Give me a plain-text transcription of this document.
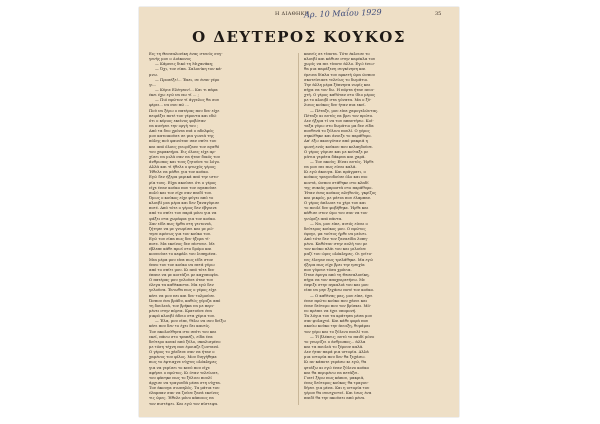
Η ΔΙΑΘΗΚΗ
Αρ. 10 Μαΐου 1929	35
Ο ΔΕΥΤΕΡΟΣ ΚΟΥΚΟΣ
Εις τη Θεσσαλονίκη ένας στενός συγ-
γενής μου ο Διάκονος
— Κάμνεις δικό τη Μιχανάκη;
— Όχι, τον είπα. Σαλονίκη τον κά-
μνω.
— Προσέξε!... Έκει, σε έναν γέρο
γι...
— Κύριε Ελέησον!... Και τι πάρα
έκει έχω εγώ να πω τί ... ;
— Πιό πρώτον τί άγγελος θα σου
φέρει... να σου πώ ...
Πού να ξέρω ο πατέρας που δεν είχε
πειράξει ποτέ τον γέροντα και εδώ
ότι ο κύριος εκείνος φοβόταν
να κινήσει την οργή του ;
Από τα δυο χρόνια πιά ο αδελφός
μου κατοικούσε σε μια γωνιά της
πόλης πού φαινόταν σαν σπίτι του
και από όλους γνωρίζανε τον αγαθό
του χαρακτήρα. Εις όλους είχε αρ-
χίσει να μιλά σαν να ήταν δικός του
άνθρωπος και τους ζητούσε το λόγο.
Αλλά και τί ήθελε ο φτωχός γέρος;
Ήθελε να μάθει για τον κούκο.
Εγώ δεν ήξερα μερικά από την ιστο-
ρία τους. Είχα ακούσει ότι ο γέρος
είχε έναν κούκο που τον αγαπούσε
πολύ και τον είχε σαν παιδί του.
Όμως ο κούκος είχε φύγει από το
κλουβί μια μέρα και δεν ξαναγύρισε
ποτέ. Από τότε ο γέρος δεν έβγαινε
από το σπίτι του παρά μόνο για να
ψάξει στα χωράφια για τον κούκο.
Σαν είδε πως ήρθα στη γειτονιά,
ζήτησε να με γνωρίσει και με ρώ-
τησε αμέσως για τον κούκο του.
Εγώ του είπα πως δεν ήξερα τί-
ποτε. Μα εκείνος δεν πίστευε. Με
έβλεπε κάθε πρωί στο δρόμο και
κουνούσε το κεφάλι του λυπημένα.
Μια μέρα μου είπε πως είδε στον
ύπνο του τον κούκο να πετά γύρω
από το σπίτι μου. Κι από τότε δεν
έπαυε να με κοιτάζει με καχυποψία.
Ο πατέρας μου γελούσε όταν του
έλεγα τα καθέκαστα. Μα εγώ δεν
γελούσα. Ένιωθα πως ο γέρος είχε
κάτι να μου πει και δεν τολμούσε.
Ώσπου ένα βράδυ, καθώς γύριζα από
τη δουλειά, τον βρήκα να με περι-
μένει στην πόρτα. Κρατούσε ένα
μικρό κλουβί άδειο στα χέρια του.
— Έλα, μου είπε, θέλω να σου δείξω
κάτι που δεν το έχει δει κανείς.
Τον ακολούθησα στο σπίτι του και
εκεί, πάνω στο τραπέζι, είδα ένα
δεύτερο κουκί από ξύλο, σκαλισμένο
με τόση τέχνη που έμοιαζε ζωντανό.
Ο γέρος το χάιδευε σαν να ήταν ο
χαμένος του φίλος. Μου διηγήθηκε
πως το έφτιαχνε νύχτες ολόκληρες
για να γεμίσει το κενό που είχε
αφήσει ο πρώτος. Κι όταν τελείωσε,
του φάνηκε πως το ξύλινο πουλί
άρχισε να τραγουδά μέσα στη νύχτα.
Τον άκουγα σιωπηλός. Τα μάτια του
έλαμπαν σαν να ζούσε ξανά εκείνες
τις ώρες. Ήθελε μόνο κάποιος να
τον πιστέψει. Και εγώ τον πίστεψα.
κανείς σε τίποτα. Τότε έκλεισε το
κλουβί και κάθισε στην καρέκλα του
χωρίς να πει τίποτε άλλο. Εγώ ένιω-
θα μια παράξενη συγκίνηση και
έμεινα δίπλα του αρκετή ώρα ώσπου
σκοτείνιασε τελείως το δωμάτιο.
Την άλλη μέρα ξύπνησα νωρίς και
πήγα να τον δω. Η πόρτα ήταν ανοι-
χτή. Ο γέρος καθόταν στο ίδιο μέρος
με το κλουβί στα γόνατα. Μα ο ξύ-
λινος κούκος δεν ήταν πια εκεί.
— Πέταξε, μου είπε χαμογελώντας.
Πέταξε κι αυτός να βρει τον πρώτο.
Δεν ήξερα τί να του απαντήσω. Κοί-
ταξα γύρω στο δωμάτιο μα δεν είδα
πουθενά το ξύλινο πουλί. Ο γέρος
σηκώθηκε και άνοιξε το παράθυρο.
Απ' έξω ακουγόταν από μακριά η
φωνή ενός κούκου που κελαηδούσε.
Ο γέρος γύρισε και με κοίταξε με
μάτια γεμάτα δάκρυα και χαρά.
— Τον ακούς; Είναι αυτός. Ήρθε
να μου πει πως είναι καλά.
Κι εγώ άκουγα. Και πράγματι, ο
κούκος τραγουδούσε όλο και πιο
κοντά, ώσπου στάθηκε στο κλαδί
της συκιάς μπροστά στο παράθυρο.
Ήταν ένας κούκος αληθινός, γκρίζος
και μικρός, με μάτια που έλαμπαν.
Ο γέρος άπλωσε το χέρι του και
το πουλί δεν φοβήθηκε. Ήρθε και
κάθισε στον ώμο του σαν να τον
γνώριζε από πάντα.
— Να, μου είπε, αυτός είναι ο
δεύτερος κούκος μου. Ο πρώτος
έφυγε, μα τούτος ήρθε να μείνει.
Από τότε δεν τον ξαναείδα λυπη-
μένο. Καθόταν στην αυλή του με
τον κούκο πλάι του και μιλούσε
μαζί του ώρες ολόκληρες. Οι γείτο-
νες έλεγαν πως τρελάθηκε. Μα εγώ
ήξερα πως είχε βρει την ησυχία
που γύρευε τόσα χρόνια.
Όταν έφυγα από τη Θεσσαλονίκη,
πήγα να τον αποχαιρετήσω. Με
έσφιξε στην αγκαλιά του και μου
είπε να μην ξεχάσω ποτέ τον κούκο.
— Ο καθένας μας, μου είπε, έχει
έναν πρώτο κούκο που χάνει και
έναν δεύτερο που τον βρίσκει. Μό-
νο πρέπει να έχει υπομονή.
Τα λόγια του τα κράτησα μέσα μου
σαν φυλαχτό. Και κάθε φορά που
ακούω κούκο την άνοιξη, θυμάμαι
τον γέρο και το ξύλινο πουλί του.
— Τί βλέπεις; αυτό το παιδί μόνο
το γνωρίζει ο άνθρωπος... άλλα
και τα πουλιά το ξέρουν καλά.
Δεν ήταν παρά μια ιστορία. Αλλά
μια ιστορία που δεν θα ξεχάσω.
Κι αν κάποτε γεράσω κι εγώ, θα
φτιάξω κι εγώ έναν ξύλινο κούκο
και θα περιμένω να πετάξει.
Γιατί ξέρω πως κάπου, μακριά,
ένας δεύτερος κούκος θα τραγου-
δήσει για μένα. Και η ιστορία του
γέρου θα συνεχιστεί. Και ίσως ένα
παιδί θα την ακούσει από μένα.
